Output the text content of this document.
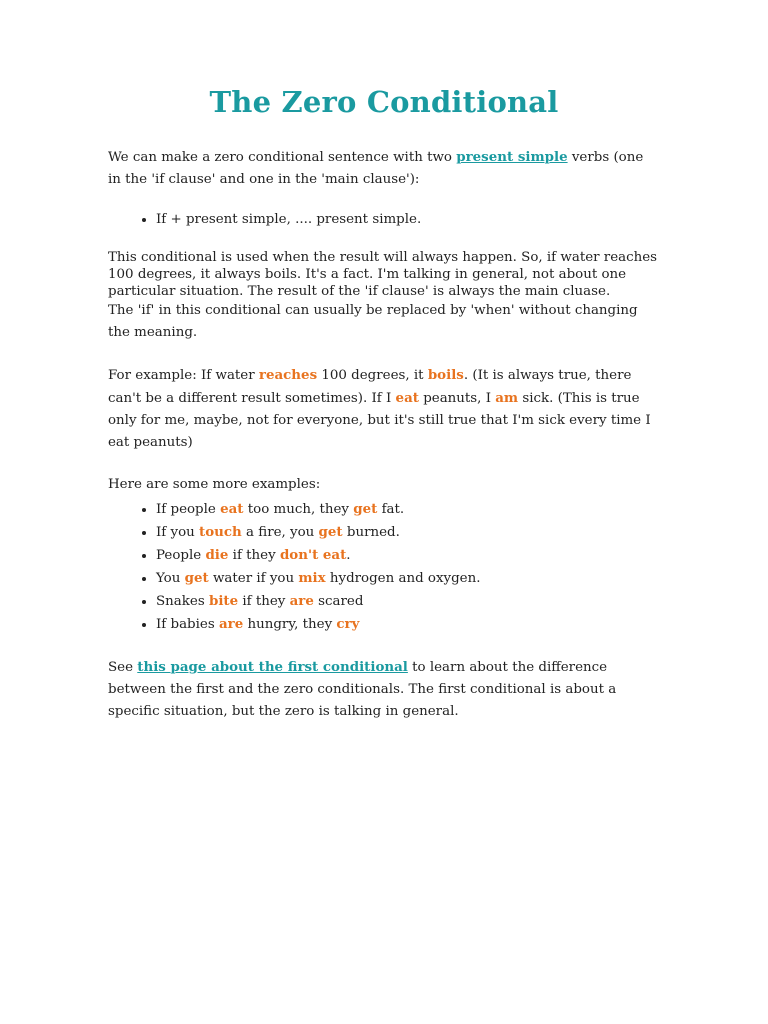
The Zero Conditional

We can make a zero conditional sentence with two present simple verbs (one in the 'if clause' and one in the 'main clause'):

• If + present simple, .... present simple.

This conditional is used when the result will always happen. So, if water reaches 100 degrees, it always boils. It's a fact. I'm talking in general, not about one particular situation. The result of the 'if clause' is always the main cluase.

The 'if' in this conditional can usually be replaced by 'when' without changing the meaning.

For example: If water reaches 100 degrees, it boils. (It is always true, there can't be a different result sometimes). If I eat peanuts, I am sick. (This is true only for me, maybe, not for everyone, but it's still true that I'm sick every time I eat peanuts)

Here are some more examples:

• If people eat too much, they get fat.
• If you touch a fire, you get burned.
• People die if they don't eat.
• You get water if you mix hydrogen and oxygen.
• Snakes bite if they are scared
• If babies are hungry, they cry

See this page about the first conditional to learn about the difference between the first and the zero conditionals. The first conditional is about a specific situation, but the zero is talking in general.
